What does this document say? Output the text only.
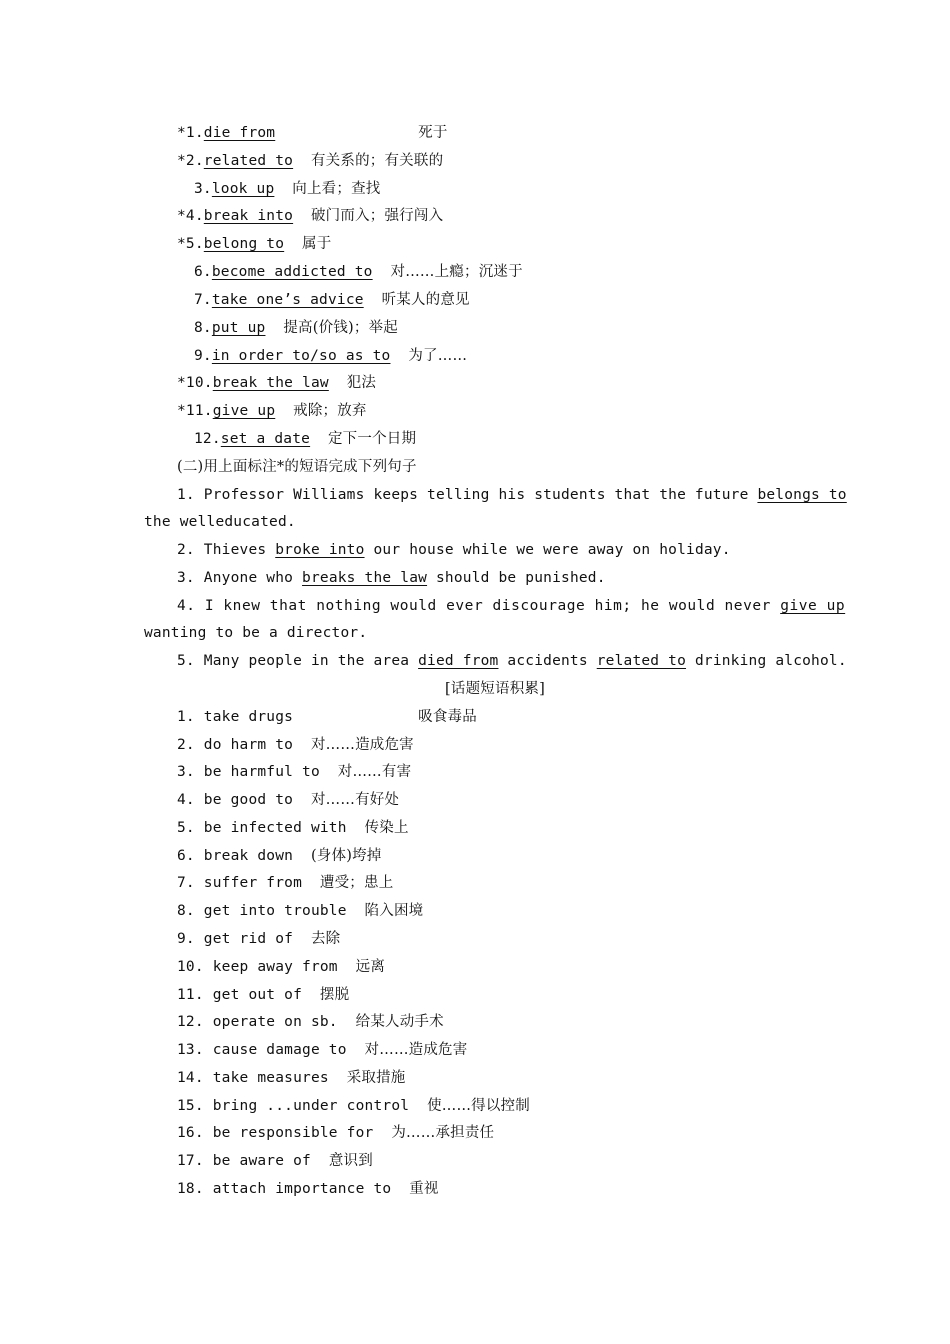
*1.die from	死于
*2.related to 有关系的；有关联的
3.look up 向上看；查找
*4.break into 破门而入；强行闯入
*5.belong to 属于
6.become addicted to 对……上瘾；沉迷于
7.take one’s advice 听某人的意见
8.put up 提高(价钱)；举起
9.in order to/so as to 为了……
*10.break the law 犯法
*11.give up 戒除；放弃
12.set a date 定下一个日期
(二)用上面标注*的短语完成下列句子
1. Professor Williams keeps telling his students that the future belongs to
the welleducated.
2. Thieves broke into our house while we were away on holiday.
3. Anyone who breaks the law should be punished.
4. I knew that nothing would ever discourage him; he would never give up
wanting to be a director.
5. Many people in the area died from accidents related to drinking alcohol.
[话题短语积累]
1. take drugs	吸食毒品
2. do harm to 对……造成危害
3. be harmful to 对……有害
4. be good to 对……有好处
5. be infected with 传染上
6. break down (身体)垮掉
7. suffer from 遭受；患上
8. get into trouble 陷入困境
9. get rid of 去除
10. keep away from 远离
11. get out of 摆脱
12. operate on sb. 给某人动手术
13. cause damage to 对……造成危害
14. take measures 采取措施
15. bring ...under control 使……得以控制
16. be responsible for 为……承担责任
17. be aware of 意识到
18. attach importance to 重视
